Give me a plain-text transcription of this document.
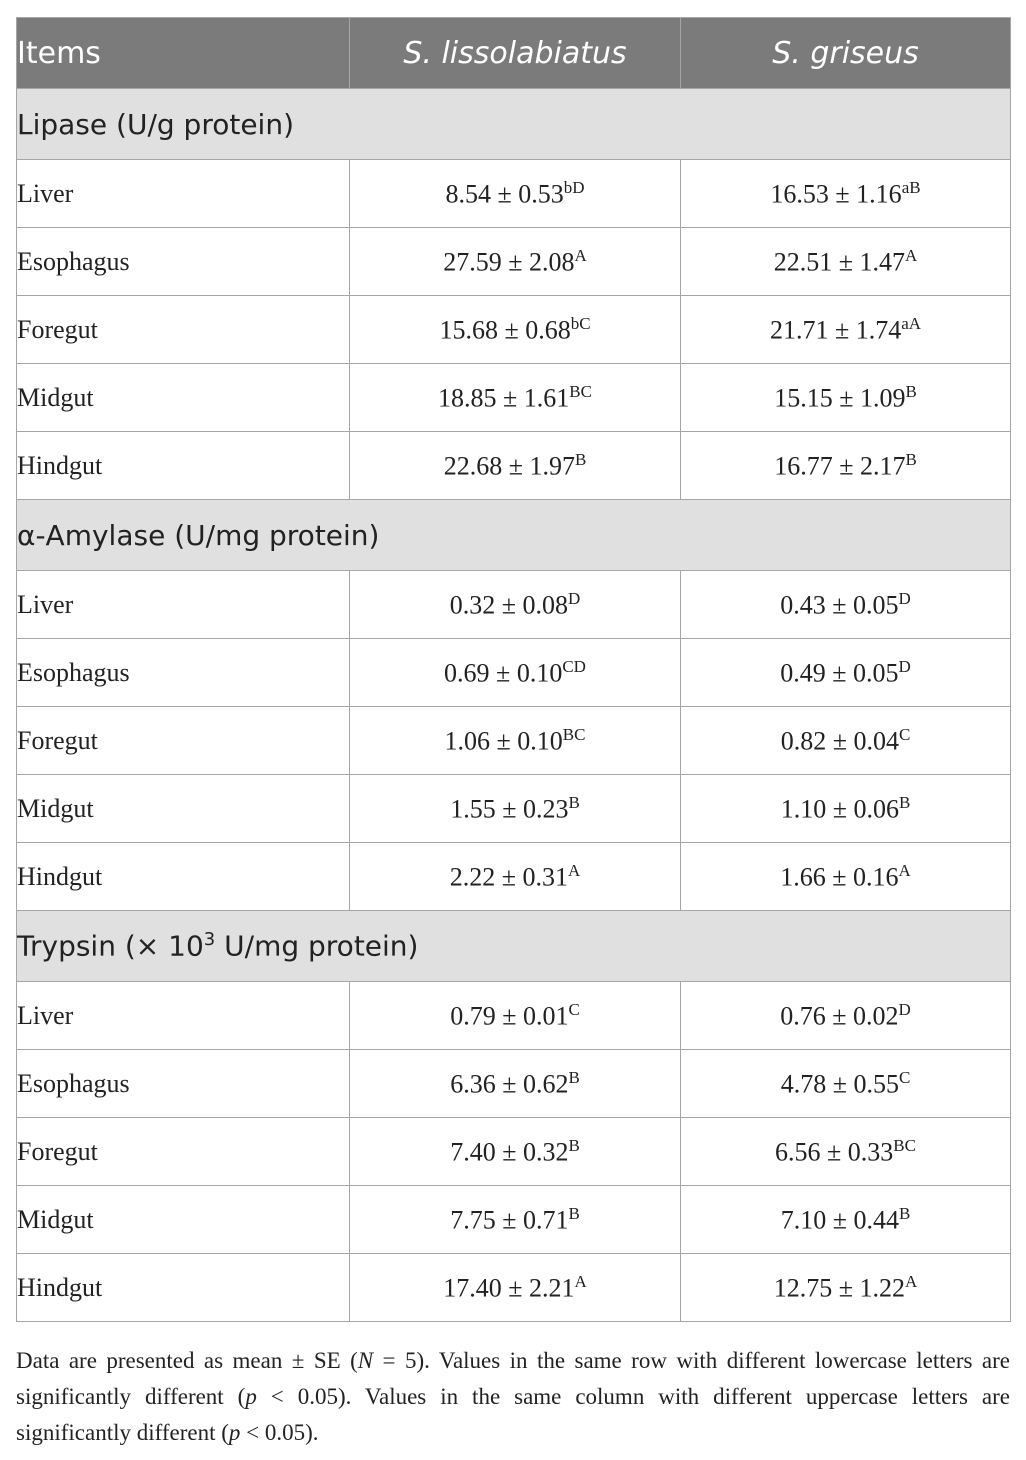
Items	S. lissolabiatus	S. griseus
Lipase (U/g protein)		
Liver	$8.54 \pm 0.53^{bD}$	$16.53 \pm 1.16^{aB}$
Esophagus	$27.59 \pm 2.08^A$	$22.51 \pm 1.47^A$
Foregut	$15.68 \pm 0.68^{bC}$	$21.71 \pm 1.74^{aA}$
Midgut	$18.85 \pm 1.61^{BC}$	$15.15 \pm 1.09^B$
Hindgut	$22.68 \pm 1.97^B$	$16.77 \pm 2.17^B$
α-Amylase (U/mg protein)		
Liver	$0.32 \pm 0.08^D$	$0.43 \pm 0.05^D$
Esophagus	$0.69 \pm 0.10^{CD}$	$0.49 \pm 0.05^D$
Foregut	$1.06 \pm 0.10^{BC}$	$0.82 \pm 0.04^C$
Midgut	$1.55 \pm 0.23^B$	$1.10 \pm 0.06^B$
Hindgut	$2.22 \pm 0.31^A$	$1.66 \pm 0.16^A$
Trypsin (× $10^3$ U/mg protein)		
Liver	$0.79 \pm 0.01^C$	$0.76 \pm 0.02^D$
Esophagus	$6.36 \pm 0.62^B$	$4.78 \pm 0.55^C$
Foregut	$7.40 \pm 0.32^B$	$6.56 \pm 0.33^{BC}$
Midgut	$7.75 \pm 0.71^B$	$7.10 \pm 0.44^B$
Hindgut	$17.40 \pm 2.21^A$	$12.75 \pm 1.22^A$

Data are presented as mean ± SE (N = 5). Values in the same row with different lowercase letters are significantly different (p < 0.05). Values in the same column with different uppercase letters are significantly different (p < 0.05).
